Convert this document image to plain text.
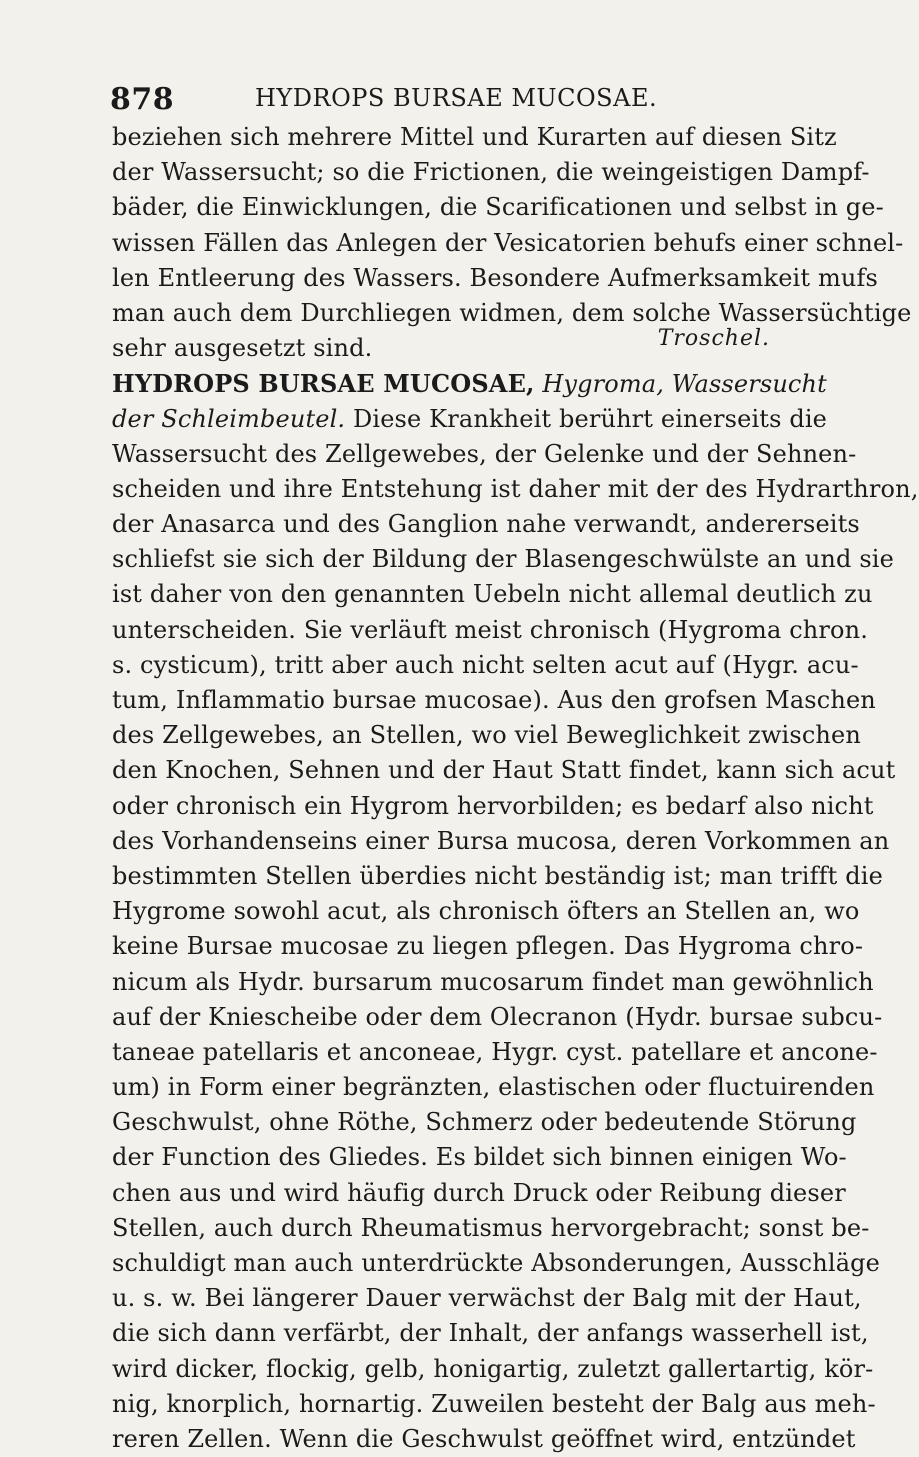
878	HYDROPS BURSAE MUCOSAE.
beziehen sich mehrere Mittel und Kurarten auf diesen Sitz
der Wassersucht; so die Frictionen, die weingeistigen Dampf-
bäder, die Einwicklungen, die Scarificationen und selbst in ge-
wissen Fällen das Anlegen der Vesicatorien behufs einer schnel-
len Entleerung des Wassers. Besondere Aufmerksamkeit mufs
man auch dem Durchliegen widmen, dem solche Wassersüchtige
sehr ausgesetzt sind.	Troschel.
HYDROPS BURSAE MUCOSAE, Hygroma, Wassersucht
der Schleimbeutel. Diese Krankheit berührt einerseits die
Wassersucht des Zellgewebes, der Gelenke und der Sehnen-
scheiden und ihre Entstehung ist daher mit der des Hydrarthron,
der Anasarca und des Ganglion nahe verwandt, andererseits
schliefst sie sich der Bildung der Blasengeschwülste an und sie
ist daher von den genannten Uebeln nicht allemal deutlich zu
unterscheiden. Sie verläuft meist chronisch (Hygroma chron.
s. cysticum), tritt aber auch nicht selten acut auf (Hygr. acu-
tum, Inflammatio bursae mucosae). Aus den grofsen Maschen
des Zellgewebes, an Stellen, wo viel Beweglichkeit zwischen
den Knochen, Sehnen und der Haut Statt findet, kann sich acut
oder chronisch ein Hygrom hervorbilden; es bedarf also nicht
des Vorhandenseins einer Bursa mucosa, deren Vorkommen an
bestimmten Stellen überdies nicht beständig ist; man trifft die
Hygrome sowohl acut, als chronisch öfters an Stellen an, wo
keine Bursae mucosae zu liegen pflegen. Das Hygroma chro-
nicum als Hydr. bursarum mucosarum findet man gewöhnlich
auf der Kniescheibe oder dem Olecranon (Hydr. bursae subcu-
taneae patellaris et anconeae, Hygr. cyst. patellare et ancone-
um) in Form einer begränzten, elastischen oder fluctuirenden
Geschwulst, ohne Röthe, Schmerz oder bedeutende Störung
der Function des Gliedes. Es bildet sich binnen einigen Wo-
chen aus und wird häufig durch Druck oder Reibung dieser
Stellen, auch durch Rheumatismus hervorgebracht; sonst be-
schuldigt man auch unterdrückte Absonderungen, Ausschläge
u. s. w. Bei längerer Dauer verwächst der Balg mit der Haut,
die sich dann verfärbt, der Inhalt, der anfangs wasserhell ist,
wird dicker, flockig, gelb, honigartig, zuletzt gallertartig, kör-
nig, knorplich, hornartig. Zuweilen besteht der Balg aus meh-
reren Zellen. Wenn die Geschwulst geöffnet wird, entzündet
